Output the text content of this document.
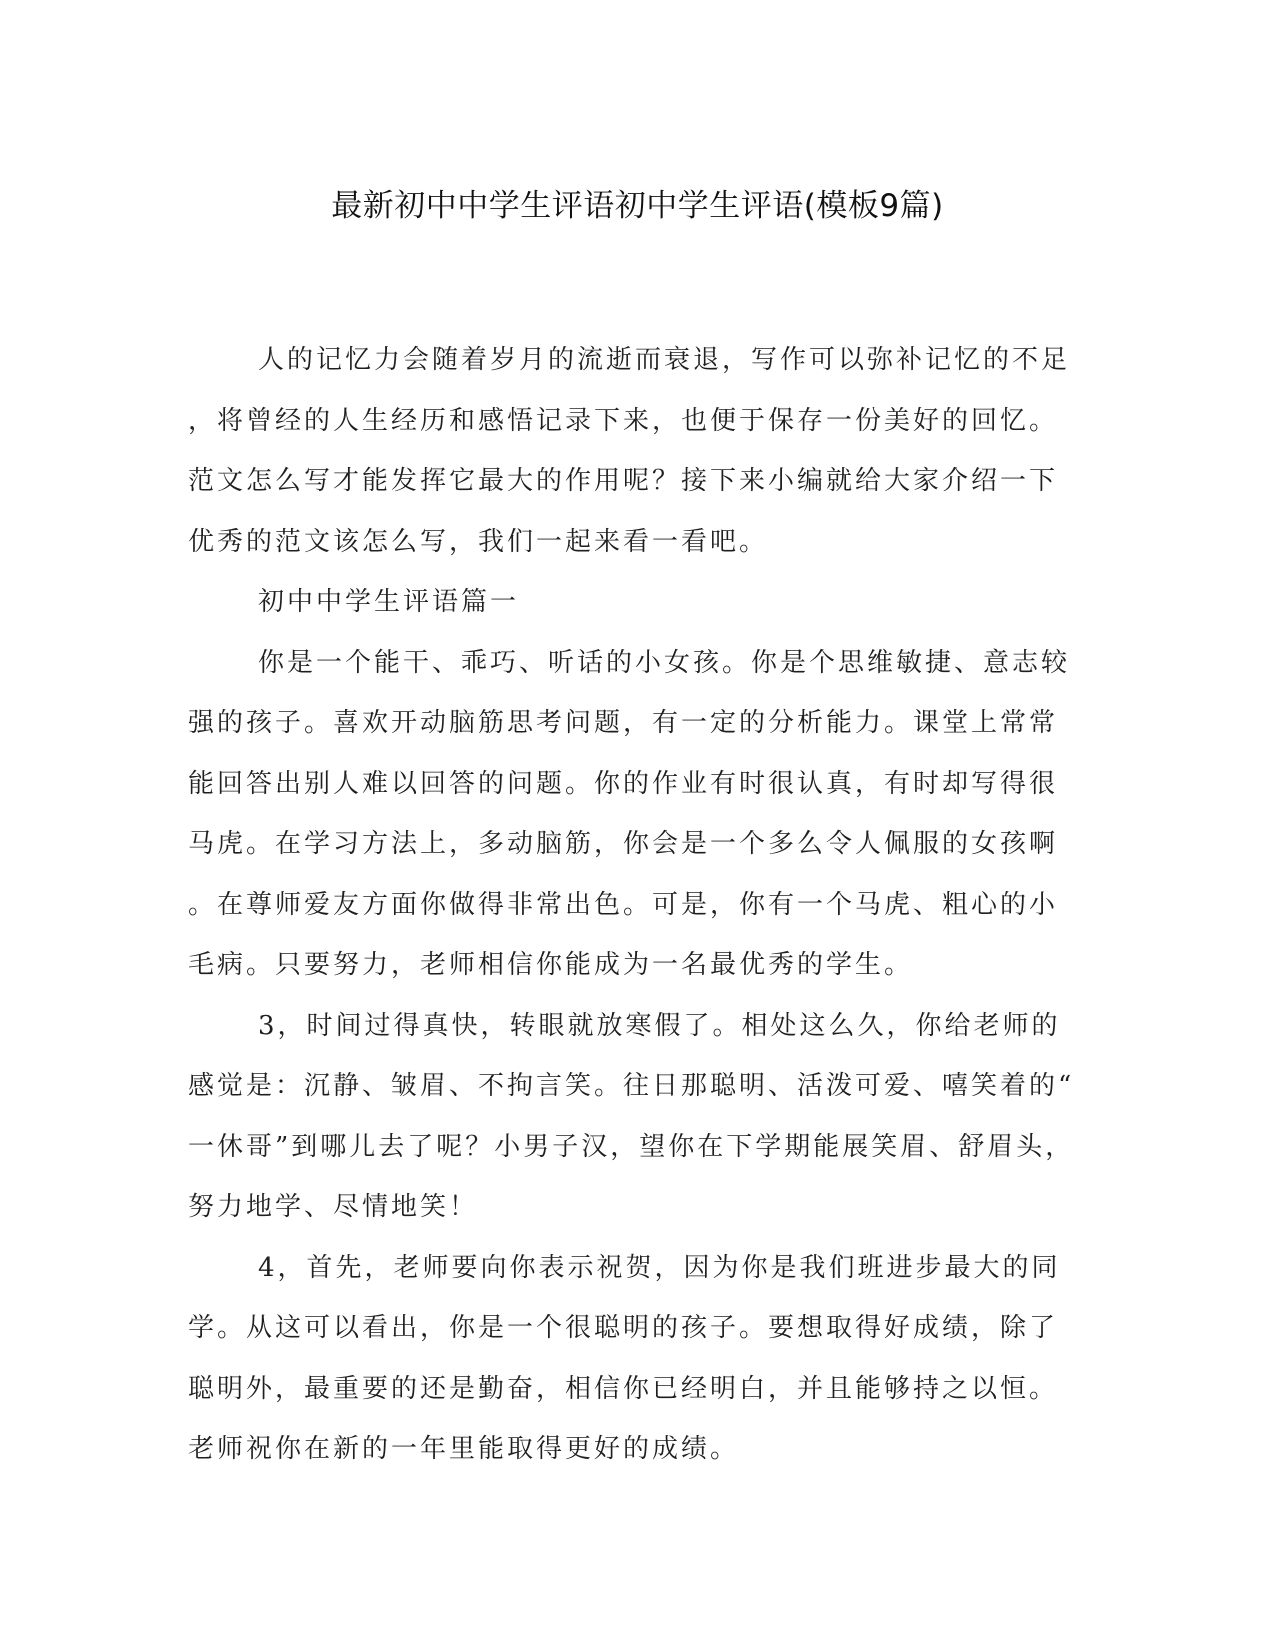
最新初中中学生评语初中学生评语(模板9篇)

人的记忆力会随着岁月的流逝而衰退，写作可以弥补记忆的不足
，将曾经的人生经历和感悟记录下来，也便于保存一份美好的回忆。
范文怎么写才能发挥它最大的作用呢？接下来小编就给大家介绍一下
优秀的范文该怎么写，我们一起来看一看吧。

初中中学生评语篇一

你是一个能干、乖巧、听话的小女孩。你是个思维敏捷、意志较
强的孩子。喜欢开动脑筋思考问题，有一定的分析能力。课堂上常常
能回答出别人难以回答的问题。你的作业有时很认真，有时却写得很
马虎。在学习方法上，多动脑筋，你会是一个多么令人佩服的女孩啊
。在尊师爱友方面你做得非常出色。可是，你有一个马虎、粗心的小
毛病。只要努力，老师相信你能成为一名最优秀的学生。

3，时间过得真快，转眼就放寒假了。相处这么久，你给老师的
感觉是：沉静、皱眉、不拘言笑。往日那聪明、活泼可爱、嘻笑着的“
一休哥”到哪儿去了呢？小男子汉，望你在下学期能展笑眉、舒眉头，
努力地学、尽情地笑！

4，首先，老师要向你表示祝贺，因为你是我们班进步最大的同
学。从这可以看出，你是一个很聪明的孩子。要想取得好成绩，除了
聪明外，最重要的还是勤奋，相信你已经明白，并且能够持之以恒。
老师祝你在新的一年里能取得更好的成绩。
